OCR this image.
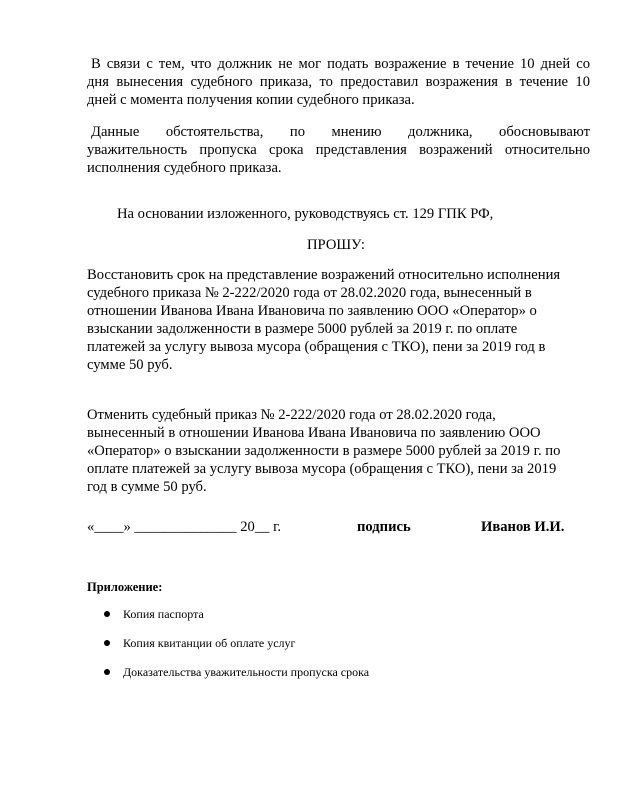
В связи с тем, что должник не мог подать возражение в течение 10 дней со
дня вынесения судебного приказа, то предоставил возражения в течение 10
дней с момента получения копии судебного приказа.
Данные обстоятельства, по мнению должника, обосновывают
уважительность пропуска срока представления возражений относительно
исполнения судебного приказа.
На основании изложенного, руководствуясь ст. 129 ГПК РФ,
ПРОШУ:
Восстановить срок на представление возражений относительно исполнения
судебного приказа № 2-222/2020 года от 28.02.2020 года, вынесенный в
отношении Иванова Ивана Ивановича по заявлению ООО «Оператор» о
взыскании задолженности в размере 5000 рублей за 2019 г. по оплате
платежей за услугу вывоза мусора (обращения с ТКО), пени за 2019 год в
сумме 50 руб.
Отменить судебный приказ № 2-222/2020 года от 28.02.2020 года,
вынесенный в отношении Иванова Ивана Ивановича по заявлению ООО
«Оператор» о взыскании задолженности в размере 5000 рублей за 2019 г. по
оплате платежей за услугу вывоза мусора (обращения с ТКО), пени за 2019
год в сумме 50 руб.
«____» ______________ 20__ г.	подпись	Иванов И.И.
Приложение:
Копия паспорта
Копия квитанции об оплате услуг
Доказательства уважительности пропуска срока
